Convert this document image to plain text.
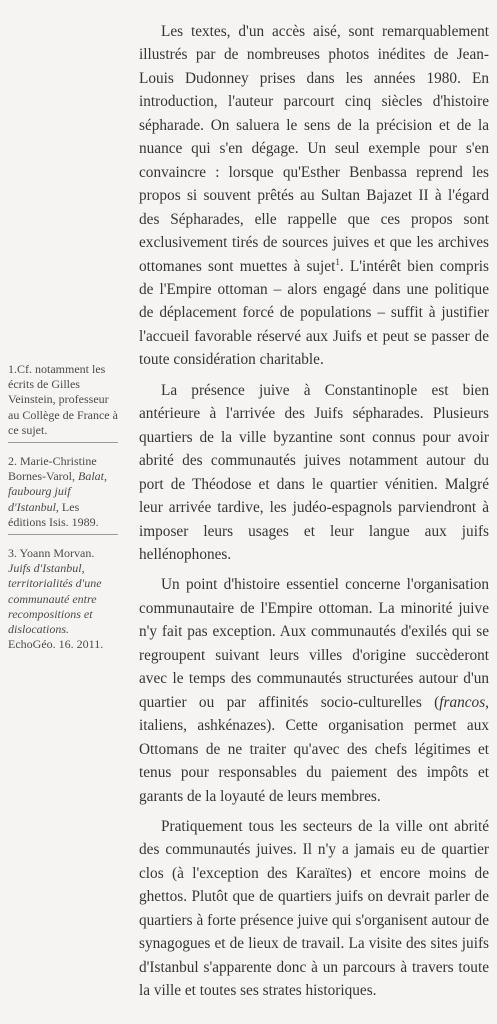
1.Cf. notamment les écrits de Gilles Veinstein, professeur au Collège de France à ce sujet.
2. Marie-Christine Bornes-Varol, Balat, faubourg juif d'Istanbul, Les éditions Isis. 1989.
3. Yoann Morvan. Juifs d'Istanbul, territorialités d'une communauté entre recompositions et dislocations. EchoGéo. 16. 2011.

Les textes, d'un accès aisé, sont remarquablement illustrés par de nombreuses photos inédites de Jean-Louis Dudonney prises dans les années 1980. En introduction, l'auteur parcourt cinq siècles d'histoire sépharade. On saluera le sens de la précision et de la nuance qui s'en dégage. Un seul exemple pour s'en convaincre : lorsque qu'Esther Benbassa reprend les propos si souvent prêtés au Sultan Bajazet II à l'égard des Sépharades, elle rappelle que ces propos sont exclusivement tirés de sources juives et que les archives ottomanes sont muettes à sujet$^1$. L'intérêt bien compris de l'Empire ottoman – alors engagé dans une politique de déplacement forcé de populations – suffit à justifier l'accueil favorable réservé aux Juifs et peut se passer de toute considération charitable.

La présence juive à Constantinople est bien antérieure à l'arrivée des Juifs sépharades. Plusieurs quartiers de la ville byzantine sont connus pour avoir abrité des communautés juives notamment autour du port de Théodose et dans le quartier vénitien. Malgré leur arrivée tardive, les judéo-espagnols parviendront à imposer leurs usages et leur langue aux juifs hellénophones.

Un point d'histoire essentiel concerne l'organisation communautaire de l'Empire ottoman. La minorité juive n'y fait pas exception. Aux communautés d'exilés qui se regroupent suivant leurs villes d'origine succèderont avec le temps des communautés structurées autour d'un quartier ou par affinités socio-culturelles (francos, italiens, ashkénazes). Cette organisation permet aux Ottomans de ne traiter qu'avec des chefs légitimes et tenus pour responsables du paiement des impôts et garants de la loyauté de leurs membres.

Pratiquement tous les secteurs de la ville ont abrité des communautés juives. Il n'y a jamais eu de quartier clos (à l'exception des Karaïtes) et encore moins de ghettos. Plutôt que de quartiers juifs on devrait parler de quartiers à forte présence juive qui s'organisent autour de synagogues et de lieux de travail. La visite des sites juifs d'Istanbul s'apparente donc à un parcours à travers toute la ville et toutes ses strates historiques.
